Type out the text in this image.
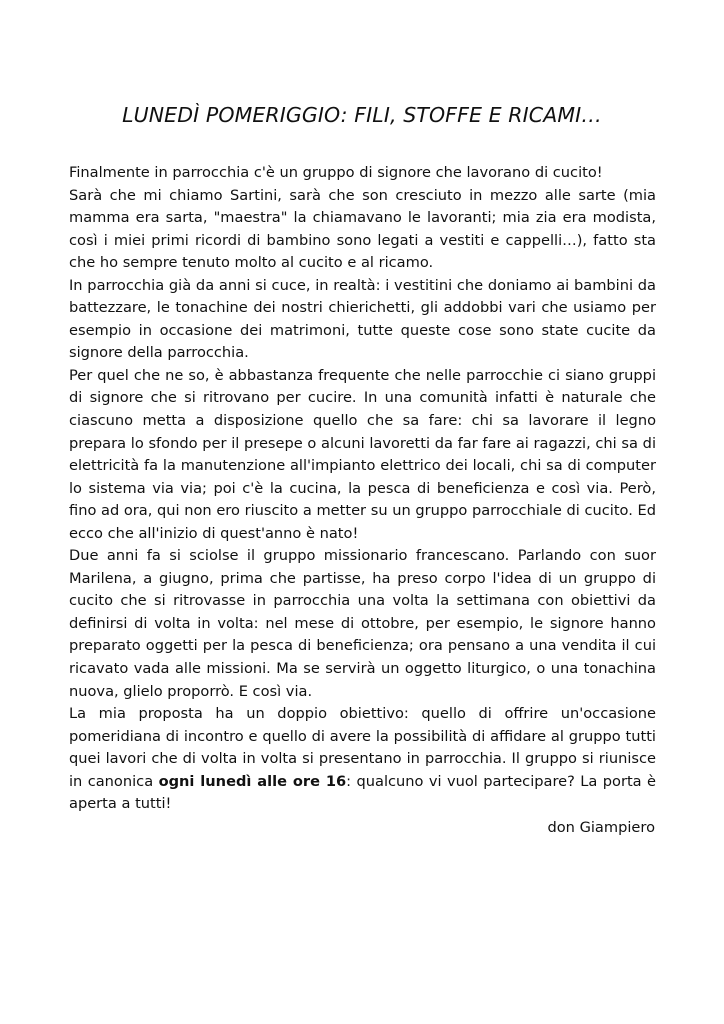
LUNEDÌ POMERIGGIO: FILI, STOFFE E RICAMI…

Finalmente in parrocchia c'è un gruppo di signore che lavorano di cucito!

Sarà che mi chiamo Sartini, sarà che son cresciuto in mezzo alle sarte (mia mamma era sarta, "maestra" la chiamavano le lavoranti; mia zia era modista, così i miei primi ricordi di bambino sono legati a vestiti e cappelli…), fatto sta che ho sempre tenuto molto al cucito e al ricamo.

In parrocchia già da anni si cuce, in realtà: i vestitini che doniamo ai bambini da battezzare, le tonachine dei nostri chierichetti, gli addobbi vari che usiamo per esempio in occasione dei matrimoni, tutte queste cose sono state cucite da signore della parrocchia.

Per quel che ne so, è abbastanza frequente che nelle parrocchie ci siano gruppi di signore che si ritrovano per cucire. In una comunità infatti è naturale che ciascuno metta a disposizione quello che sa fare: chi sa lavorare il legno prepara lo sfondo per il presepe o alcuni lavoretti da far fare ai ragazzi, chi sa di elettricità fa la manutenzione all'impianto elettrico dei locali, chi sa di computer lo sistema via via; poi c'è la cucina, la pesca di beneficienza e così via. Però, fino ad ora, qui non ero riuscito a metter su un gruppo parrocchiale di cucito. Ed ecco che all'inizio di quest'anno è nato!

Due anni fa si sciolse il gruppo missionario francescano. Parlando con suor Marilena, a giugno, prima che partisse, ha preso corpo l'idea di un gruppo di cucito che si ritrovasse in parrocchia una volta la settimana con obiettivi da definirsi di volta in volta: nel mese di ottobre, per esempio, le signore hanno preparato oggetti per la pesca di beneficienza; ora pensano a una vendita il cui ricavato vada alle missioni. Ma se servirà un oggetto liturgico, o una tonachina nuova, glielo proporrò. E così via.

La mia proposta ha un doppio obiettivo: quello di offrire un'occasione pomeridiana di incontro e quello di avere la possibilità di affidare al gruppo tutti quei lavori che di volta in volta si presentano in parrocchia. Il gruppo si riunisce in canonica ogni lunedì alle ore 16: qualcuno vi vuol partecipare? La porta è aperta a tutti!

don Giampiero
